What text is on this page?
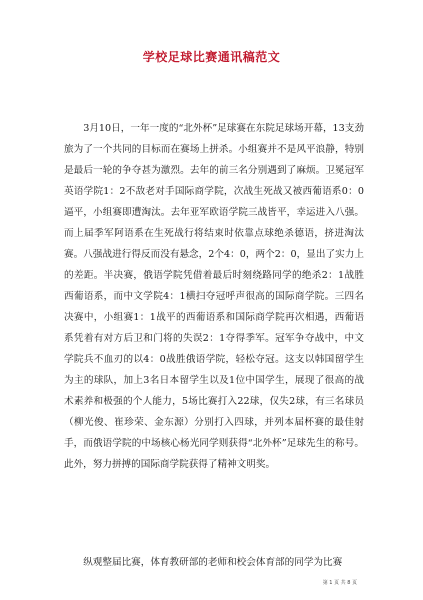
学校足球比赛通讯稿范文

3月10日，一年一度的“北外杯”足球赛在东院足球场开幕，13支劲旅为了一个共同的目标而在赛场上拼杀。小组赛并不是风平浪静，特别是最后一轮的争夺甚为激烈。去年的前三名分别遇到了麻烦。卫冕冠军英语学院1：2不敌老对手国际商学院，次战生死战又被西葡语系0：0逼平，小组赛即遭淘汰。去年亚军欧语学院三战皆平，幸运进入八强。而上届季军阿语系在生死战行将结束时依靠点球绝杀德语，挤进淘汰赛。八强战进行得反而没有悬念，2个4：0，两个2：0，显出了实力上的差距。半决赛，俄语学院凭借着最后时刻绕路同学的绝杀2：1战胜西葡语系，而中文学院4：1横扫夺冠呼声很高的国际商学院。三四名决赛中，小组赛1：1战平的西葡语系和国际商学院再次相遇，西葡语系凭着有对方后卫和门将的失误2：1夺得季军。冠军争夺战中，中文学院兵不血刃的以4：0战胜俄语学院，轻松夺冠。这支以韩国留学生为主的球队，加上3名日本留学生以及1位中国学生，展现了很高的战术素养和极强的个人能力，5场比赛打入22球，仅失2球，有三名球员（柳光俊、崔珍荣、金东源）分别打入四球，并列本届杯赛的最佳射手，而俄语学院的中场核心杨光同学则获得“北外杯”足球先生的称号。此外，努力拼搏的国际商学院获得了精神文明奖。

纵观整届比赛，体育教研部的老师和校会体育部的同学为比赛
第 1 页 共 8 页
